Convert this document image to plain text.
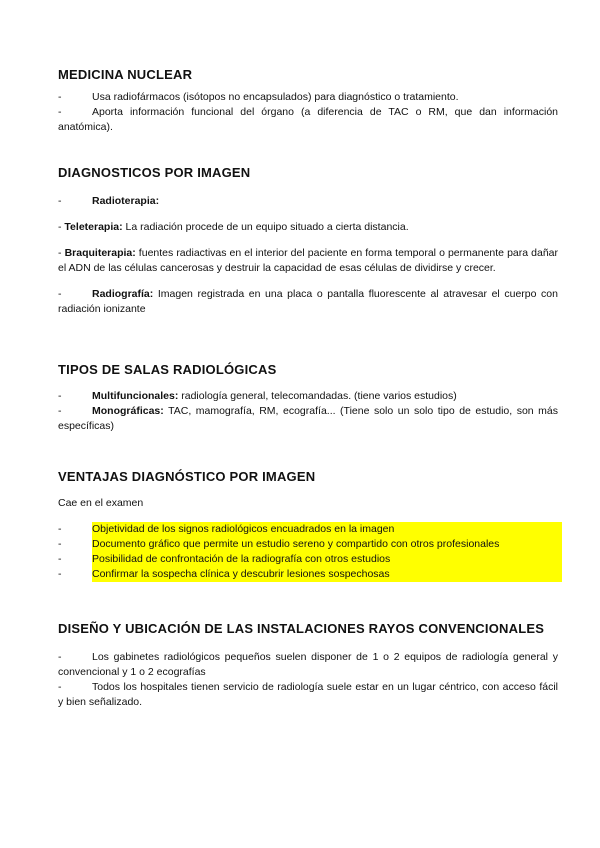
MEDICINA NUCLEAR

-	Usa radiofármacos (isótopos no encapsulados) para diagnóstico o tratamiento.

-	Aporta información funcional del órgano (a diferencia de TAC o RM, que dan información anatómica).

DIAGNOSTICOS POR IMAGEN

-	Radioterapia:

- Teleterapia: La radiación procede de un equipo situado a cierta distancia.

- Braquiterapia: fuentes radiactivas en el interior del paciente en forma temporal o permanente para dañar el ADN de las células cancerosas y destruir la capacidad de esas células de dividirse y crecer.

-	Radiografía: Imagen registrada en una placa o pantalla fluorescente al atravesar el cuerpo con radiación ionizante

TIPOS DE SALAS RADIOLÓGICAS

-	Multifuncionales: radiología general, telecomandadas. (tiene varios estudios)

-	Monográficas: TAC, mamografía, RM, ecografía... (Tiene solo un solo tipo de estudio, son más específicas)

VENTAJAS DIAGNÓSTICO POR IMAGEN

Cae en el examen

-	Objetividad de los signos radiológicos encuadrados en la imagen

-	Documento gráfico que permite un estudio sereno y compartido con otros profesionales

-	Posibilidad de confrontación de la radiografía con otros estudios

-	Confirmar la sospecha clínica y descubrir lesiones sospechosas

DISEÑO Y UBICACIÓN DE LAS INSTALACIONES RAYOS CONVENCIONALES

-	Los gabinetes radiológicos pequeños suelen disponer de 1 o 2 equipos de radiología general y convencional y 1 o 2 ecografías

-	Todos los hospitales tienen servicio de radiología suele estar en un lugar céntrico, con acceso fácil y bien señalizado.
